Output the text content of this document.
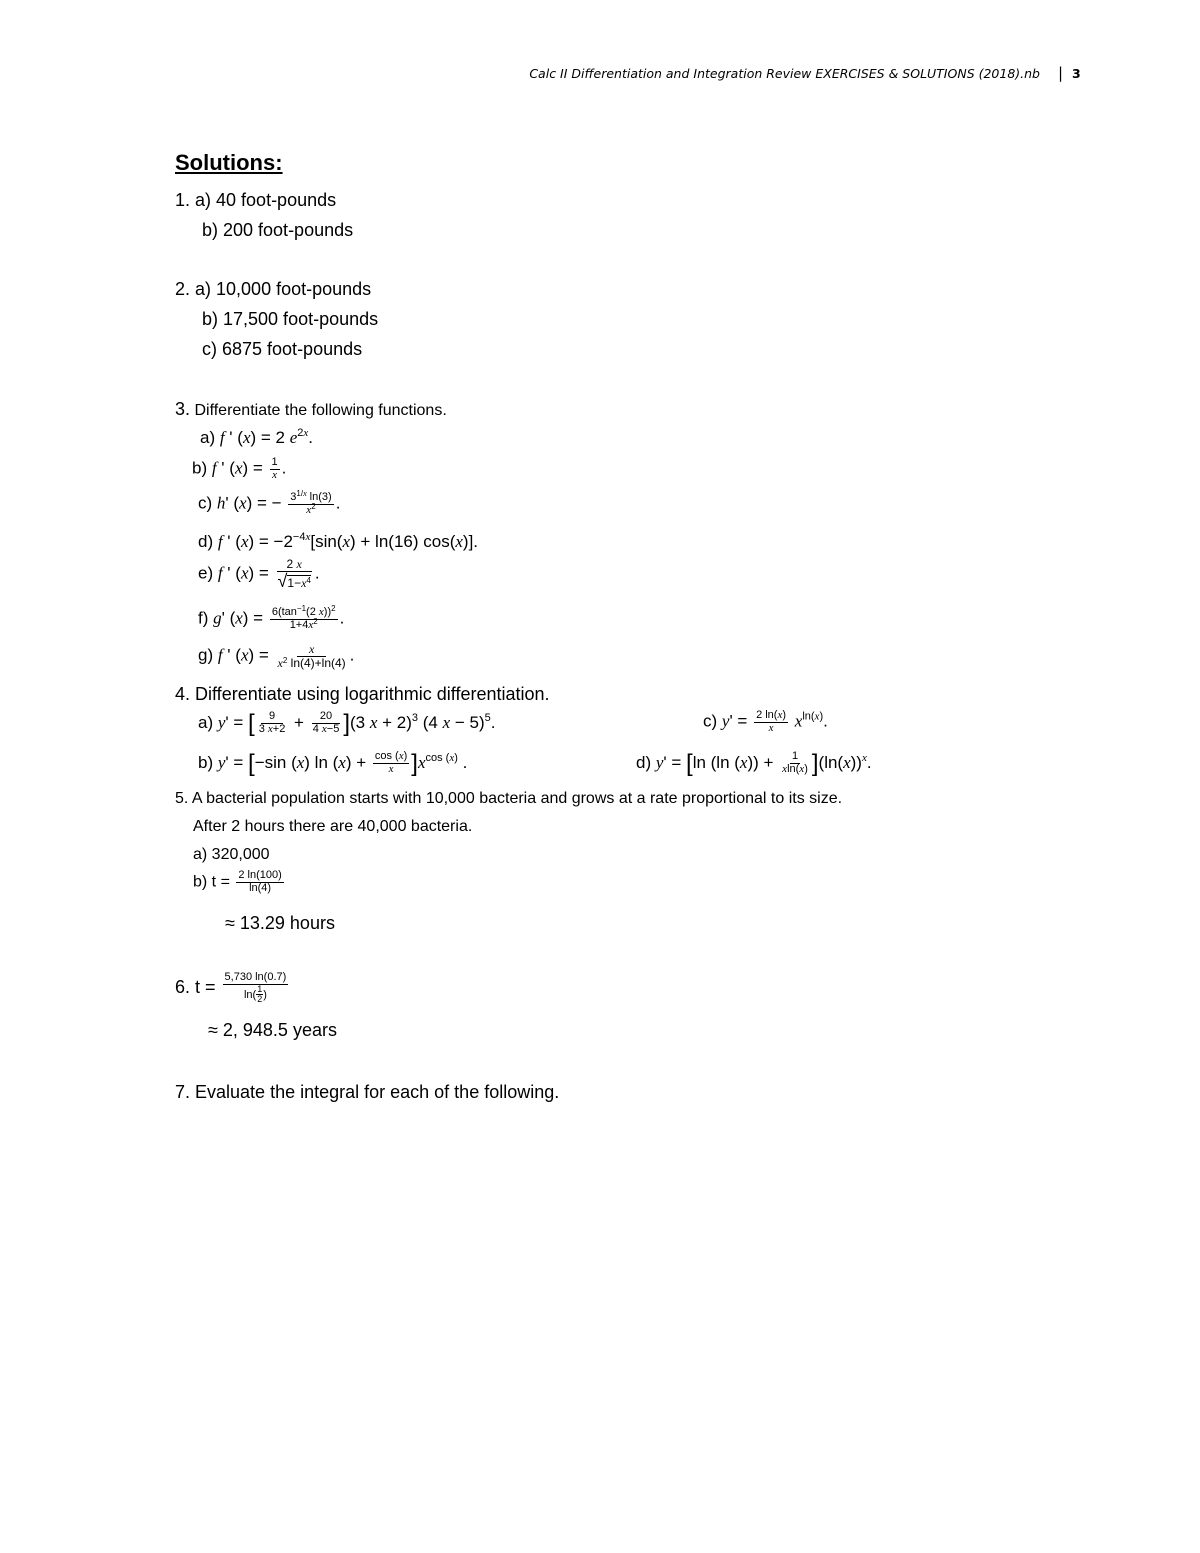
Calc II Differentiation and Integration Review EXERCISES & SOLUTIONS (2018).nb | 3
Solutions:
1. a) 40 foot-pounds
b) 200 foot-pounds
2. a) 10,000 foot-pounds
b) 17,500 foot-pounds
c) 6875 foot-pounds
3. Differentiate the following functions.
a) f ' (x) = 2 $e^{2x}$.
b) f ' $(x) = \frac{1}{x}$ .
c) h' (x) = − $\frac{3^{1/x} \ln(3)}{x^2}$ .
d) f ' $(x) = -2^{-4x}[\sin(x) + \ln(16)$ cos(x)].
e) f ' $(x) = \frac{2 x}{√1-x^4}$ .
f) g' $(x) = \frac{6(\tan^{-1}(2 x))^2}{1+4x^2}$ .
g) f ' $(x) = \frac{x}{x^2 \ln(4)+\ln(4)}$ .
4. Differentiate using logarithmic differentiation.
a) y' = [ $\frac{9}{3 x+2} + \frac{20}{4 x-5} ](3$ x + 2)$^3$ (4 x − 5)$^5$.	c) $y' = \frac{2 \ln(x)}{x} x^{ln(x)}$.
b) y' = [−sin (x) $\ln (x) + \frac{\cos (x)}{x} ]x^{cos (x)}$ .	d) y' = [ln (ln $(x)) + \frac{1}{xln(x)} ](\ln(x))^x$.
5. A bacterial population starts with 10,000 bacteria and grows at a rate proportional to its size.
After 2 hours there are 40,000 bacteria.
a) 320,000
b) $t = \frac{2 \ln(100)}{\ln(4)}$
≈ 13.29 hours
6. $t = \frac{5,730 \ln(0.7)}{\ln( \frac{1}{2} )}$
≈ 2, 948.5 years
7. Evaluate the integral for each of the following.
